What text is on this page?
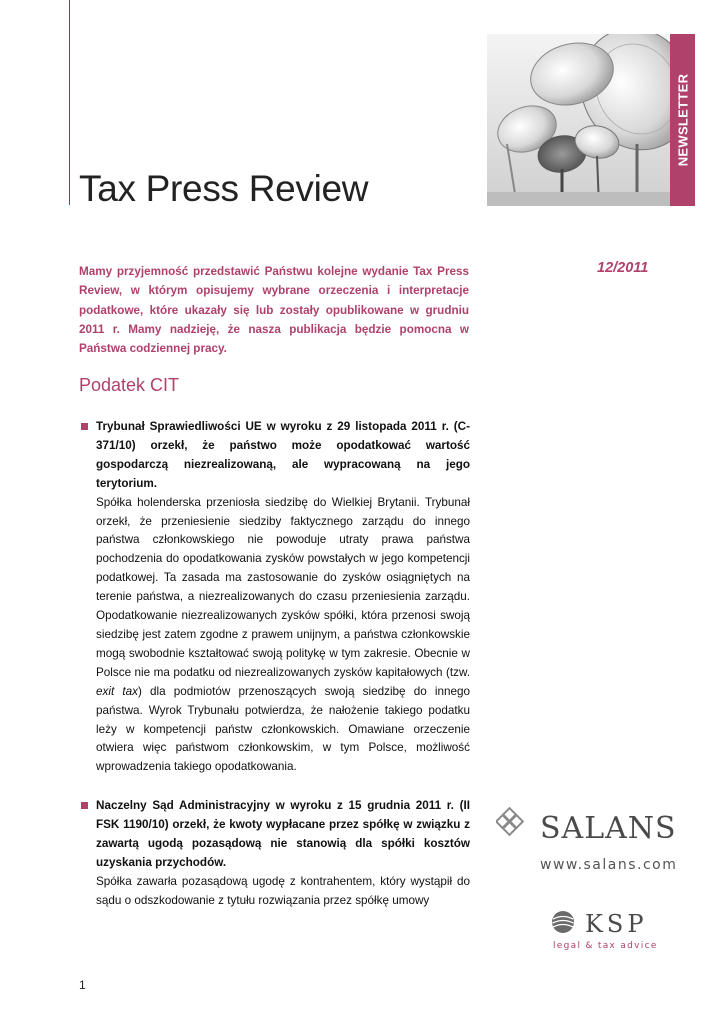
Tax Press Review
NEWSLETTER
12/2011

Mamy przyjemność przedstawić Państwu kolejne wydanie Tax Press Review, w którym opisujemy wybrane orzeczenia i interpretacje podatkowe, które ukazały się lub zostały opublikowane w grudniu 2011 r. Mamy nadzieję, że nasza publikacja będzie pomocna w Państwa codziennej pracy.

Podatek CIT

Trybunał Sprawiedliwości UE w wyroku z 29 listopada 2011 r. (C-371/10) orzekł, że państwo może opodatkować wartość gospodarczą niezrealizowaną, ale wypracowaną na jego terytorium.

Spółka holenderska przeniosła siedzibę do Wielkiej Brytanii. Trybunał orzekł, że przeniesienie siedziby faktycznego zarządu do innego państwa członkowskiego nie powoduje utraty prawa państwa pochodzenia do opodatkowania zysków powstałych w jego kompetencji podatkowej. Ta zasada ma zastosowanie do zysków osiągniętych na terenie państwa, a niezrealizowanych do czasu przeniesienia zarządu. Opodatkowanie niezrealizowanych zysków spółki, która przenosi swoją siedzibę jest zatem zgodne z prawem unijnym, a państwa członkowskie mogą swobodnie kształtować swoją politykę w tym zakresie. Obecnie w Polsce nie ma podatku od niezrealizowanych zysków kapitałowych (tzw. exit tax) dla podmiotów przenoszących swoją siedzibę do innego państwa. Wyrok Trybunału potwierdza, że nałożenie takiego podatku leży w kompetencji państw członkowskich. Omawiane orzeczenie otwiera więc państwom członkowskim, w tym Polsce, możliwość wprowadzenia takiego opodatkowania.

Naczelny Sąd Administracyjny w wyroku z 15 grudnia 2011 r. (II FSK 1190/10) orzekł, że kwoty wypłacane przez spółkę w związku z zawartą ugodą pozasądową nie stanowią dla spółki kosztów uzyskania przychodów.

Spółka zawarła pozasądową ugodę z kontrahentem, który wystąpił do sądu o odszkodowanie z tytułu rozwiązania przez spółkę umowy

SALANS
www.salans.com
KSP
legal & tax advice
1
